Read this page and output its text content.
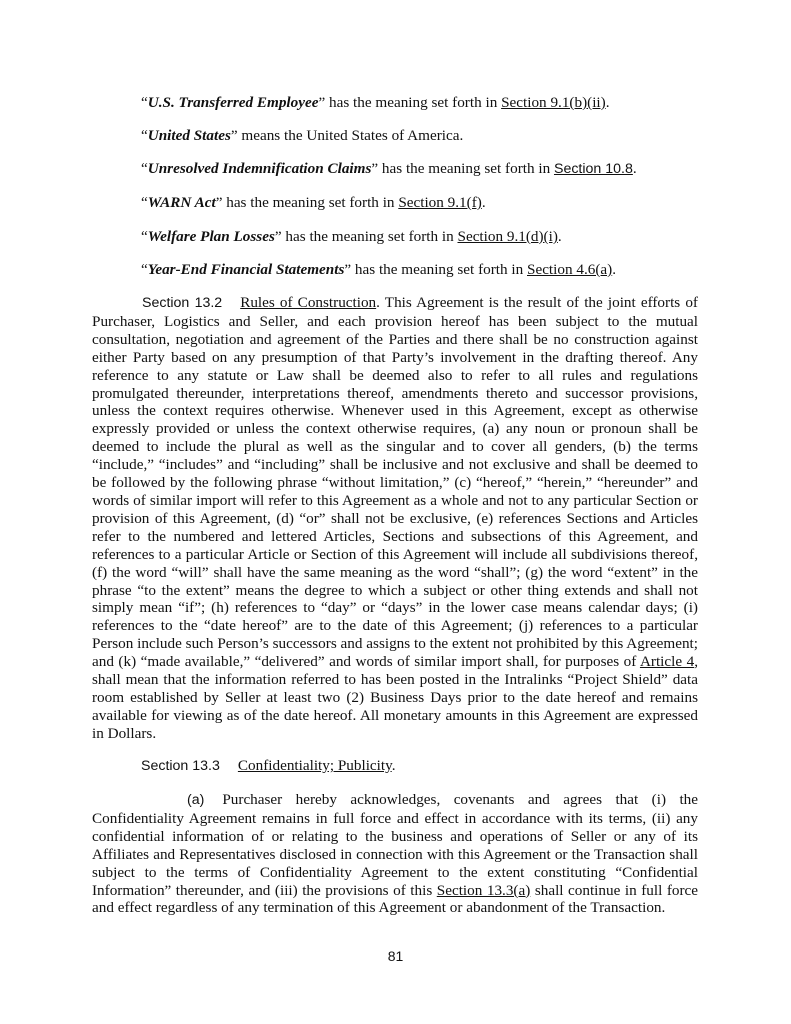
“U.S. Transferred Employee” has the meaning set forth in Section 9.1(b)(ii).
“United States” means the United States of America.
“Unresolved Indemnification Claims” has the meaning set forth in Section 10.8.
“WARN Act” has the meaning set forth in Section 9.1(f).
“Welfare Plan Losses” has the meaning set forth in Section 9.1(d)(i).
“Year-End Financial Statements” has the meaning set forth in Section 4.6(a).
Section 13.2 Rules of Construction. This Agreement is the result of the joint efforts of Purchaser, Logistics and Seller, and each provision hereof has been subject to the mutual consultation, negotiation and agreement of the Parties and there shall be no construction against either Party based on any presumption of that Party’s involvement in the drafting thereof. Any reference to any statute or Law shall be deemed also to refer to all rules and regulations promulgated thereunder, interpretations thereof, amendments thereto and successor provisions, unless the context requires otherwise. Whenever used in this Agreement, except as otherwise expressly provided or unless the context otherwise requires, (a) any noun or pronoun shall be deemed to include the plural as well as the singular and to cover all genders, (b) the terms “include,” “includes” and “including” shall be inclusive and not exclusive and shall be deemed to be followed by the following phrase “without limitation,” (c) “hereof,” “herein,” “hereunder” and words of similar import will refer to this Agreement as a whole and not to any particular Section or provision of this Agreement, (d) “or” shall not be exclusive, (e) references Sections and Articles refer to the numbered and lettered Articles, Sections and subsections of this Agreement, and references to a particular Article or Section of this Agreement will include all subdivisions thereof, (f) the word “will” shall have the same meaning as the word “shall”; (g) the word “extent” in the phrase “to the extent” means the degree to which a subject or other thing extends and shall not simply mean “if”; (h) references to “day” or “days” in the lower case means calendar days; (i) references to the “date hereof” are to the date of this Agreement; (j) references to a particular Person include such Person’s successors and assigns to the extent not prohibited by this Agreement; and (k) “made available,” “delivered” and words of similar import shall, for purposes of Article 4, shall mean that the information referred to has been posted in the Intralinks “Project Shield” data room established by Seller at least two (2) Business Days prior to the date hereof and remains available for viewing as of the date hereof. All monetary amounts in this Agreement are expressed in Dollars.
Section 13.3 Confidentiality; Publicity.
(a) Purchaser hereby acknowledges, covenants and agrees that (i) the Confidentiality Agreement remains in full force and effect in accordance with its terms, (ii) any confidential information of or relating to the business and operations of Seller or any of its Affiliates and Representatives disclosed in connection with this Agreement or the Transaction shall subject to the terms of Confidentiality Agreement to the extent constituting “Confidential Information” thereunder, and (iii) the provisions of this Section 13.3(a) shall continue in full force and effect regardless of any termination of this Agreement or abandonment of the Transaction.
81
